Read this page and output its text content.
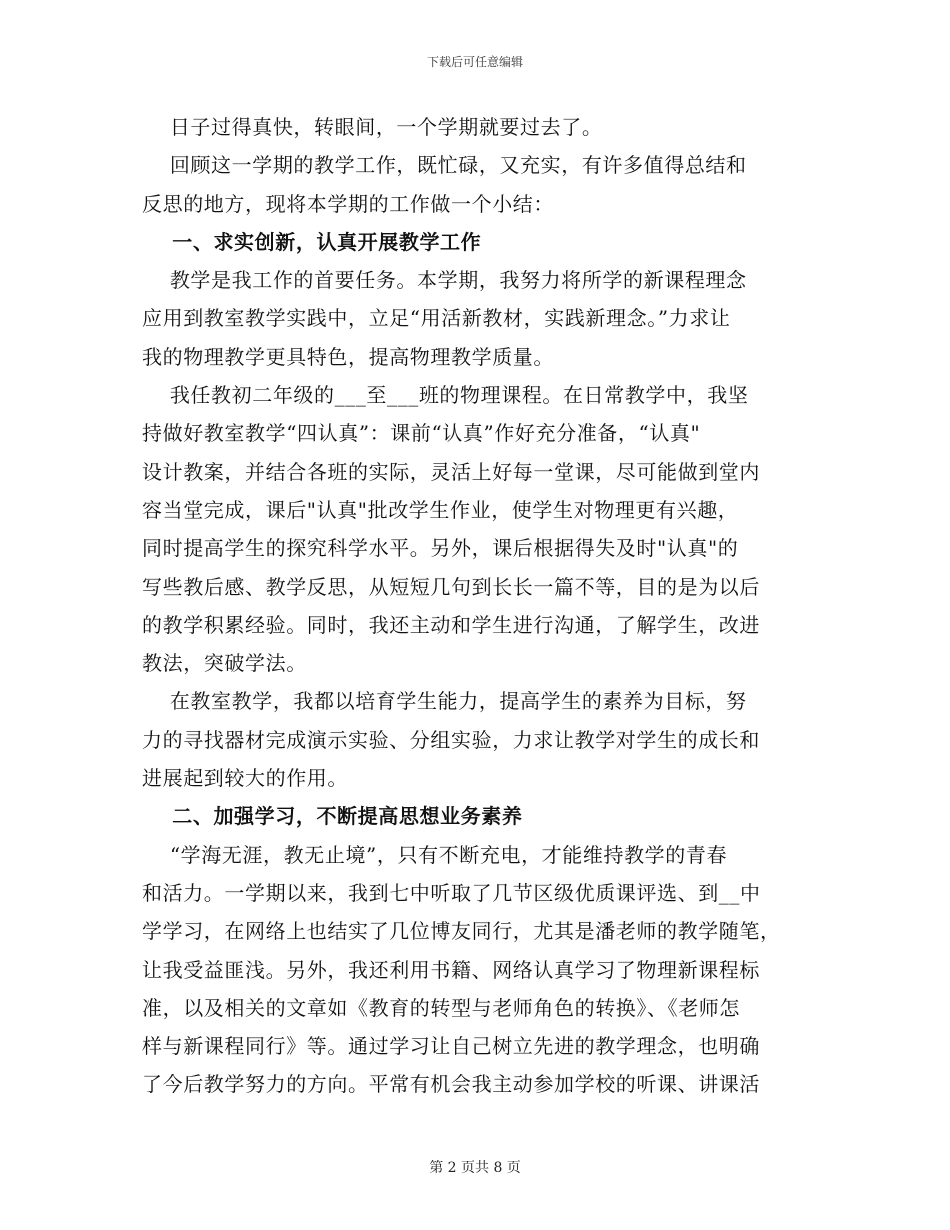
下载后可任意编辑
日子过得真快，转眼间，一个学期就要过去了。
回顾这一学期的教学工作，既忙碌，又充实，有许多值得总结和
反思的地方，现将本学期的工作做一个小结：
一、求实创新，认真开展教学工作
教学是我工作的首要任务。本学期，我努力将所学的新课程理念
应用到教室教学实践中，立足“用活新教材，实践新理念。”力求让
我的物理教学更具特色，提高物理教学质量。
我任教初二年级的___至___班的物理课程。在日常教学中，我坚
持做好教室教学“四认真”：课前“认真”作好充分准备，“认真"
设计教案，并结合各班的实际，灵活上好每一堂课，尽可能做到堂内
容当堂完成，课后"认真"批改学生作业，使学生对物理更有兴趣，
同时提高学生的探究科学水平。另外，课后根据得失及时"认真"的
写些教后感、教学反思，从短短几句到长长一篇不等，目的是为以后
的教学积累经验。同时，我还主动和学生进行沟通，了解学生，改进
教法，突破学法。
在教室教学，我都以培育学生能力，提高学生的素养为目标，努
力的寻找器材完成演示实验、分组实验，力求让教学对学生的成长和
进展起到较大的作用。
二、加强学习，不断提高思想业务素养
“学海无涯，教无止境”，只有不断充电，才能维持教学的青春
和活力。一学期以来，我到七中听取了几节区级优质课评选、到__中
学学习，在网络上也结实了几位博友同行，尤其是潘老师的教学随笔，
让我受益匪浅。另外，我还利用书籍、网络认真学习了物理新课程标
准，以及相关的文章如《教育的转型与老师角色的转换》、《老师怎
样与新课程同行》等。通过学习让自己树立先进的教学理念，也明确
了今后教学努力的方向。平常有机会我主动参加学校的听课、讲课活
第 2 页共 8 页
